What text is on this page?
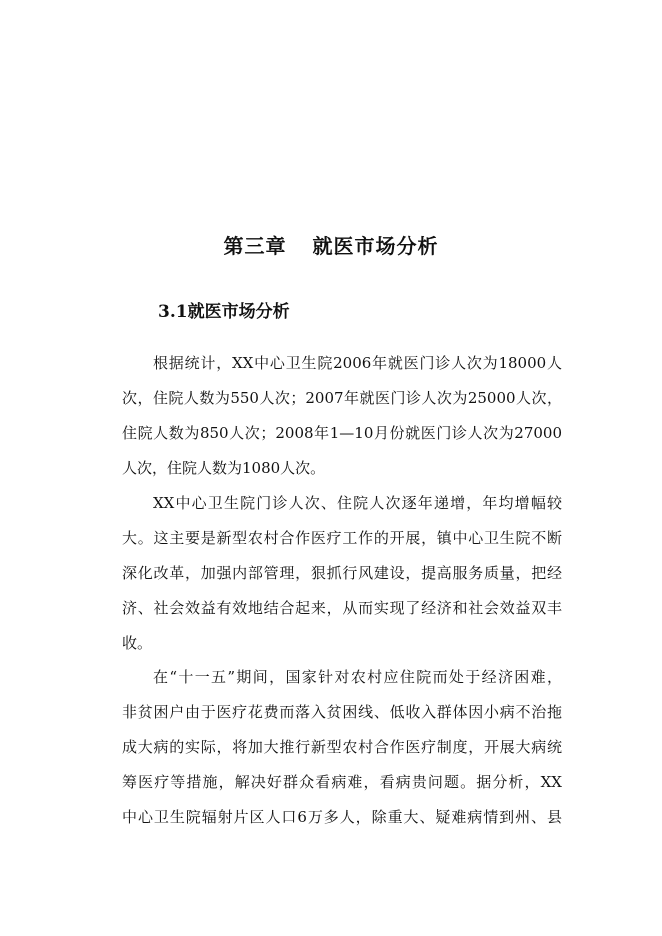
第三章 就医市场分析
3.1就医市场分析
根据统计，XX中心卫生院2006年就医门诊人次为18000人
次，住院人数为550人次；2007年就医门诊人次为25000人次，
住院人数为850人次；2008年1—10月份就医门诊人次为27000
人次，住院人数为1080人次。
XX中心卫生院门诊人次、住院人次逐年递增，年均增幅较
大。这主要是新型农村合作医疗工作的开展，镇中心卫生院不断
深化改革，加强内部管理，狠抓行风建设，提高服务质量，把经
济、社会效益有效地结合起来，从而实现了经济和社会效益双丰
收。
在“十一五”期间，国家针对农村应住院而处于经济困难，
非贫困户由于医疗花费而落入贫困线、低收入群体因小病不治拖
成大病的实际，将加大推行新型农村合作医疗制度，开展大病统
筹医疗等措施，解决好群众看病难，看病贵问题。据分析，XX
中心卫生院辐射片区人口6万多人，除重大、疑难病情到州、县
